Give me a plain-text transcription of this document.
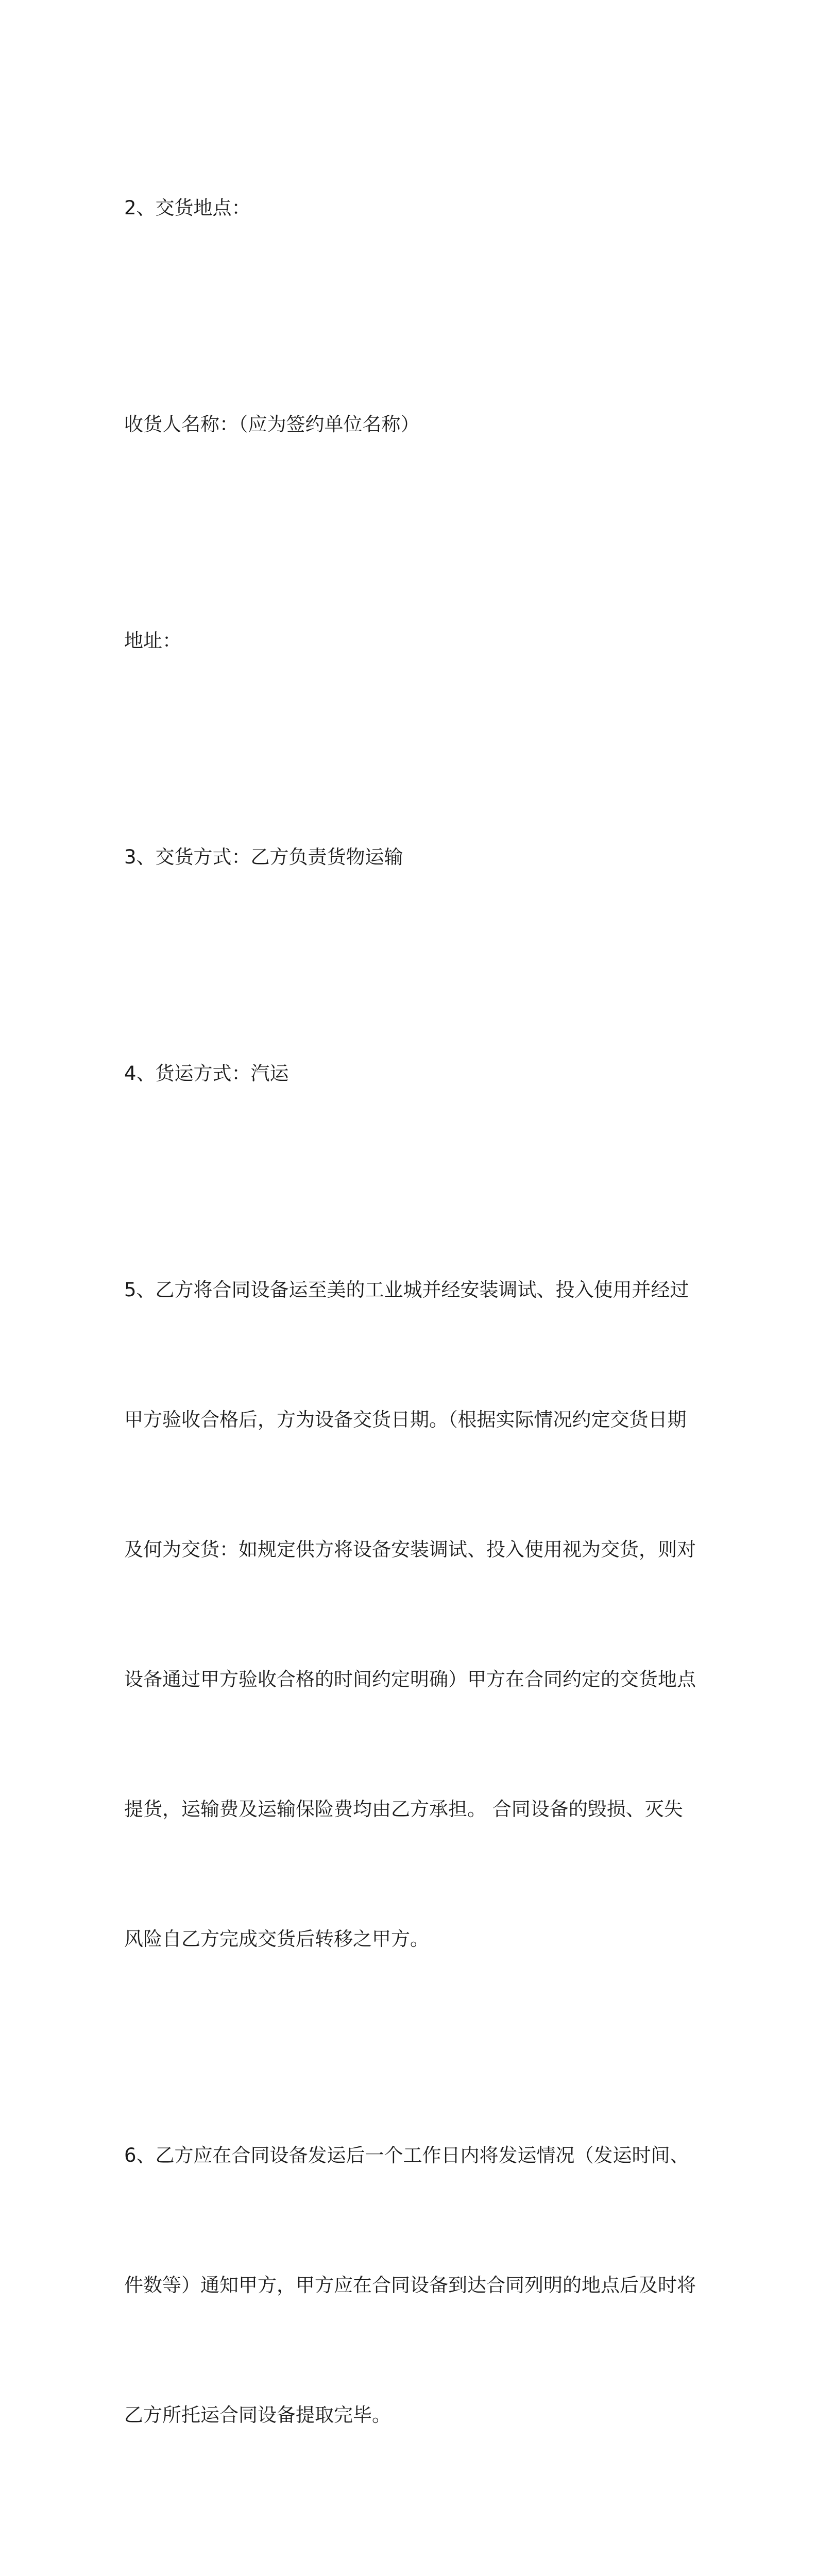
2、交货地点：

收货人名称：（应为签约单位名称）

地址：

3、交货方式：乙方负责货物运输

4、货运方式：汽运

5、乙方将合同设备运至美的工业城并经安装调试、投入使用并经过

甲方验收合格后，方为设备交货日期。（根据实际情况约定交货日期

及何为交货：如规定供方将设备安装调试、投入使用视为交货，则对

设备通过甲方验收合格的时间约定明确）甲方在合同约定的交货地点

提货，运输费及运输保险费均由乙方承担。 合同设备的毁损、灭失

风险自乙方完成交货后转移之甲方。

6、乙方应在合同设备发运后一个工作日内将发运情况（发运时间、

件数等）通知甲方，甲方应在合同设备到达合同列明的地点后及时将

乙方所托运合同设备提取完毕。
